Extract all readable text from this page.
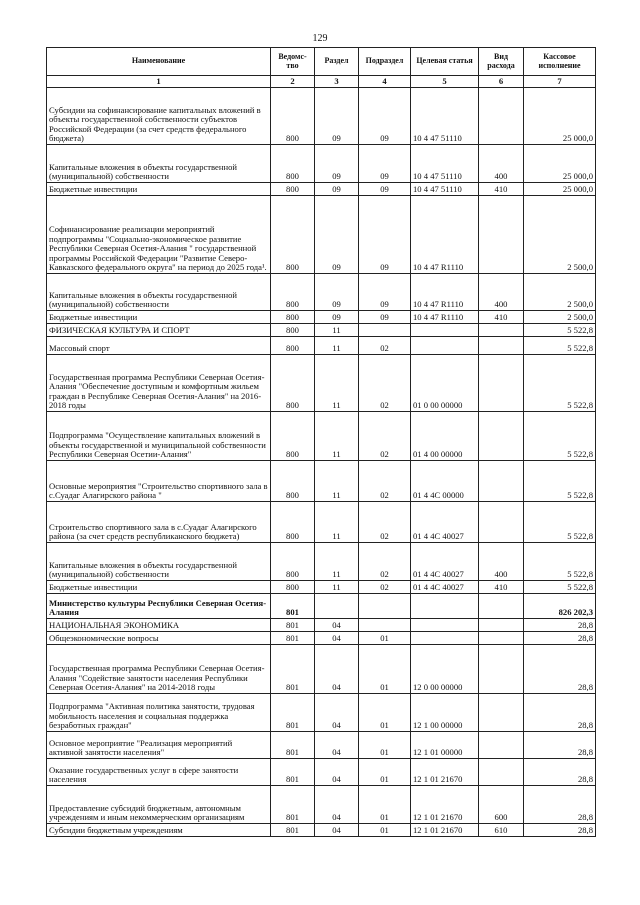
129
Наименование	Ведомс-тво	Раздел	Подраздел	Целевая статья	Вид расхода	Кассовое исполнение
1	2	3	4	5	6	7
Субсидии на софинансирование капитальных вложений в объекты государственной собственности субъектов Российской Федерации (за счет средств федерального бюджета)	800	09	09	10 4 47 51110		25 000,0
Капитальные вложения в объекты государственной (муниципальной) собственности	800	09	09	10 4 47 51110	400	25 000,0
Бюджетные инвестиции	800	09	09	10 4 47 51110	410	25 000,0
Софинансирование реализации мероприятий подпрограммы "Социально-экономическое развитие Республики Северная Осетия-Алания " государственной программы Российской Федерации "Развитие Северо-Кавказского федерального округа" на период до 2025 года¹.	800	09	09	10 4 47 R1110		2 500,0
Капитальные вложения в объекты государственной (муниципальной) собственности	800	09	09	10 4 47 R1110	400	2 500,0
Бюджетные инвестиции	800	09	09	10 4 47 R1110	410	2 500,0
ФИЗИЧЕСКАЯ КУЛЬТУРА И СПОРТ	800	11				5 522,8
Массовый спорт	800	11	02			5 522,8
Государственная программа Республики Северная Осетия-Алания "Обеспечение доступным и комфортным жильем граждан в Республике Северная Осетия-Алания" на 2016-2018 годы	800	11	02	01 0 00 00000		5 522,8
Подпрограмма "Осуществление капитальных вложений в объекты государственной и муниципальной собственности Республики Северная Осетии-Алания"	800	11	02	01 4 00 00000		5 522,8
Основные мероприятия "Строительство спортивного зала в с.Суадаг Алагирского района "	800	11	02	01 4 4С 00000		5 522,8
Строительство спортивного зала в с.Суадаг Алагирского района (за счет средств республиканского бюджета)	800	11	02	01 4 4С 40027		5 522,8
Капитальные вложения в объекты государственной (муниципальной) собственности	800	11	02	01 4 4С 40027	400	5 522,8
Бюджетные инвестиции	800	11	02	01 4 4С 40027	410	5 522,8
Министерство культуры Республики Северная Осетия-Алания	801					826 202,3
НАЦИОНАЛЬНАЯ ЭКОНОМИКА	801	04				28,8
Общеэкономические вопросы	801	04	01			28,8
Государственная программа Республики Северная Осетия-Алания "Содействие занятости населения Республики Северная Осетия-Алания" на 2014-2018 годы	801	04	01	12 0 00 00000		28,8
Подпрограмма "Активная политика занятости, трудовая мобильность населения и социальная поддержка безработных граждан"	801	04	01	12 1 00 00000		28,8
Основное мероприятие "Реализация мероприятий активной занятости населения"	801	04	01	12 1 01 00000		28,8
Оказание государственных услуг в сфере занятости населения	801	04	01	12 1 01 21670		28,8
Предоставление субсидий бюджетным, автономным учреждениям и иным некоммерческим организациям	801	04	01	12 1 01 21670	600	28,8
Субсидии бюджетным учреждениям	801	04	01	12 1 01 21670	610	28,8
